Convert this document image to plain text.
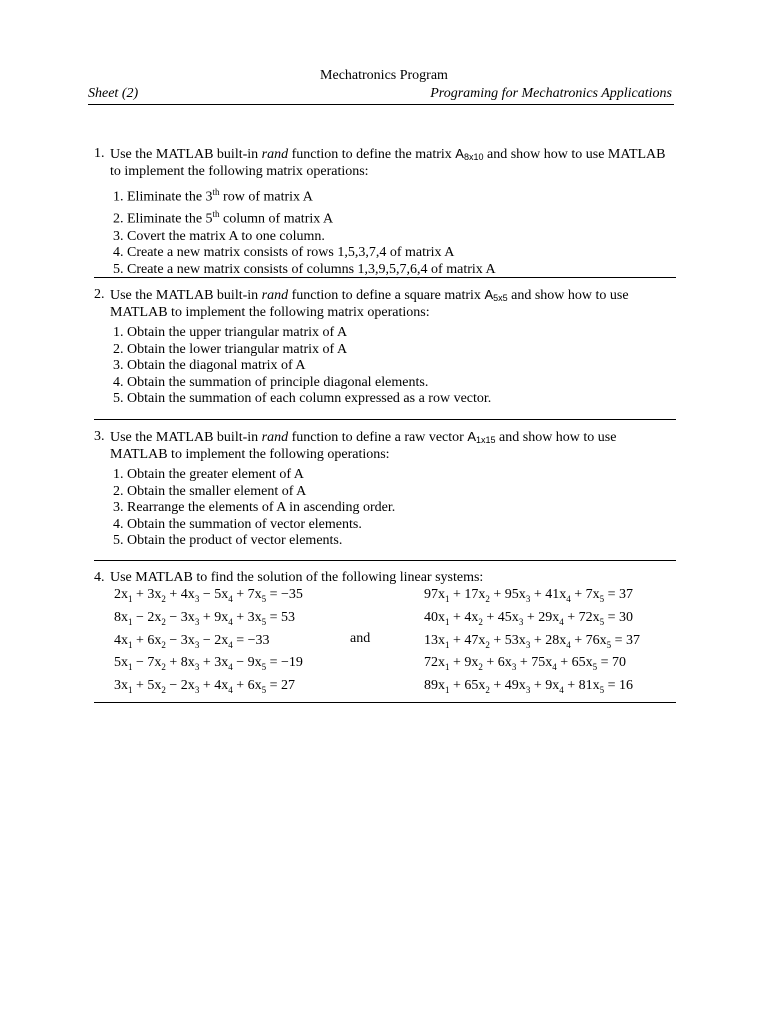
Mechatronics Program
Sheet (2)	Programing for Mechatronics Applications
1. Use the MATLAB built-in rand function to define the matrix A8x10 and show how to use MATLAB to implement the following matrix operations:
1. Eliminate the 3th row of matrix A
2. Eliminate the 5th column of matrix A
3. Covert the matrix A to one column.
4. Create a new matrix consists of rows 1,5,3,7,4 of matrix A
5. Create a new matrix consists of columns 1,3,9,5,7,6,4 of matrix A
2. Use the MATLAB built-in rand function to define a square matrix A5x5 and show how to use MATLAB to implement the following matrix operations:
1. Obtain the upper triangular matrix of A
2. Obtain the lower triangular matrix of A
3. Obtain the diagonal matrix of A
4. Obtain the summation of principle diagonal elements.
5. Obtain the summation of each column expressed as a row vector.
3. Use the MATLAB built-in rand function to define a raw vector A1x15 and show how to use MATLAB to implement the following operations:
1. Obtain the greater element of A
2. Obtain the smaller element of A
3. Rearrange the elements of A in ascending order.
4. Obtain the summation of vector elements.
5. Obtain the product of vector elements.
4. Use MATLAB to find the solution of the following linear systems:
$2x_1 + 3x_2 + 4x_3 - 5x_4 + 7x_5 = -35$
$8x_1 - 2x_2 - 3x_3 + 9x_4 + 3x_5 = 53$
$4x_1 + 6x_2 - 3x_3 - 2x_4 = -33$
$5x_1 - 7x_2 + 8x_3 + 3x_4 - 9x_5 = -19$
$3x_1 + 5x_2 - 2x_3 + 4x_4 + 6x_5 = 27$
and
$97x_1 + 17x_2 + 95x_3 + 41x_4 + 7x_5 = 37$
$40x_1 + 4x_2 + 45x_3 + 29x_4 + 72x_5 = 30$
$13x_1 + 47x_2 + 53x_3 + 28x_4 + 76x_5 = 37$
$72x_1 + 9x_2 + 6x_3 + 75x_4 + 65x_5 = 70$
$89x_1 + 65x_2 + 49x_3 + 9x_4 + 81x_5 = 16$
